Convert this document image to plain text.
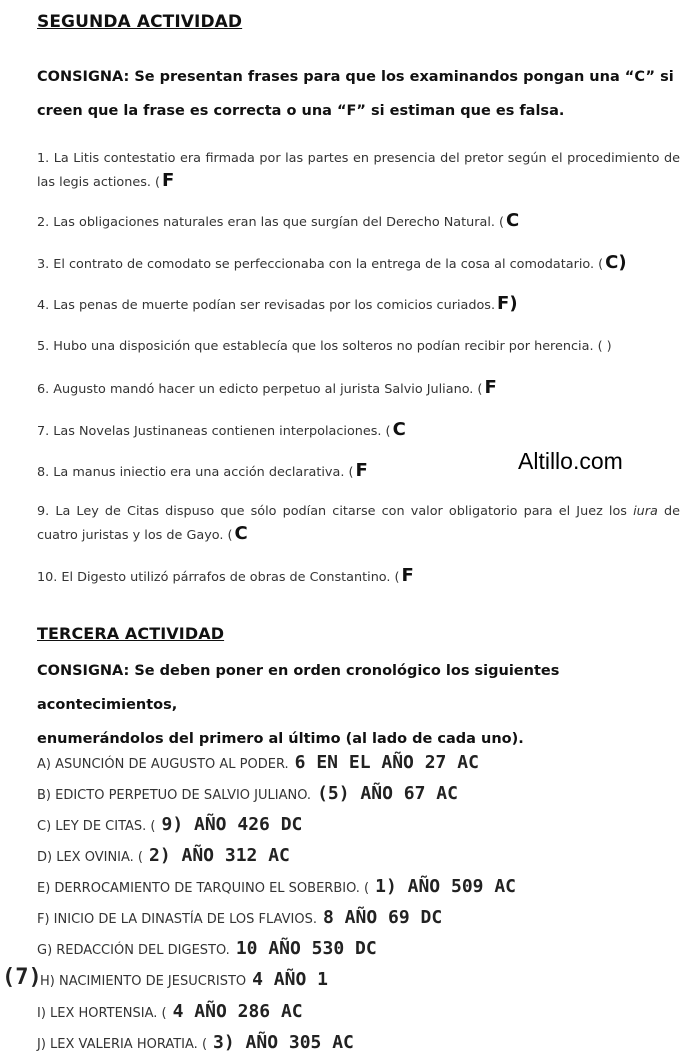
SEGUNDA ACTIVIDAD
CONSIGNA: Se presentan frases para que los examinandos pongan una “C” si
creen que la frase es correcta o una “F” si estiman que es falsa.
1. La Litis contestatio era firmada por las partes en presencia del pretor según el procedimiento de las legis actiones. ( F
2. Las obligaciones naturales eran las que surgían del Derecho Natural. ( C
3. El contrato de comodato se perfeccionaba con la entrega de la cosa al comodatario. ( C)
4. Las penas de muerte podían ser revisadas por los comicios curiados. F)
5. Hubo una disposición que establecía que los solteros no podían recibir por herencia. ( )
6. Augusto mandó hacer un edicto perpetuo al jurista Salvio Juliano. ( F
7. Las Novelas Justinaneas contienen interpolaciones. ( C
8. La manus iniectio era una acción declarativa. ( F	Altillo.com
9. La Ley de Citas dispuso que sólo podían citarse con valor obligatorio para el Juez los iura de cuatro juristas y los de Gayo. ( C
10. El Digesto utilizó párrafos de obras de Constantino. ( F
TERCERA ACTIVIDAD
CONSIGNA: Se deben poner en orden cronológico los siguientes acontecimientos,
enumerándolos del primero al último (al lado de cada uno).
A) ASUNCIÓN DE AUGUSTO AL PODER. 6 EN EL AÑO 27 AC
B) EDICTO PERPETUO DE SALVIO JULIANO. (5) AÑO 67 AC
C) LEY DE CITAS. ( 9) AÑO 426 DC
D) LEX OVINIA. ( 2) AÑO 312 AC
E) DERROCAMIENTO DE TARQUINO EL SOBERBIO. ( 1) AÑO 509 AC
F) INICIO DE LA DINASTÍA DE LOS FLAVIOS. 8 AÑO 69 DC
G) REDACCIÓN DEL DIGESTO. 10 AÑO 530 DC
(7)
H) NACIMIENTO DE JESUCRISTO 4 AÑO 1
I) LEX HORTENSIA. ( 4 AÑO 286 AC
J) LEX VALERIA HORATIA. ( 3) AÑO 305 AC
